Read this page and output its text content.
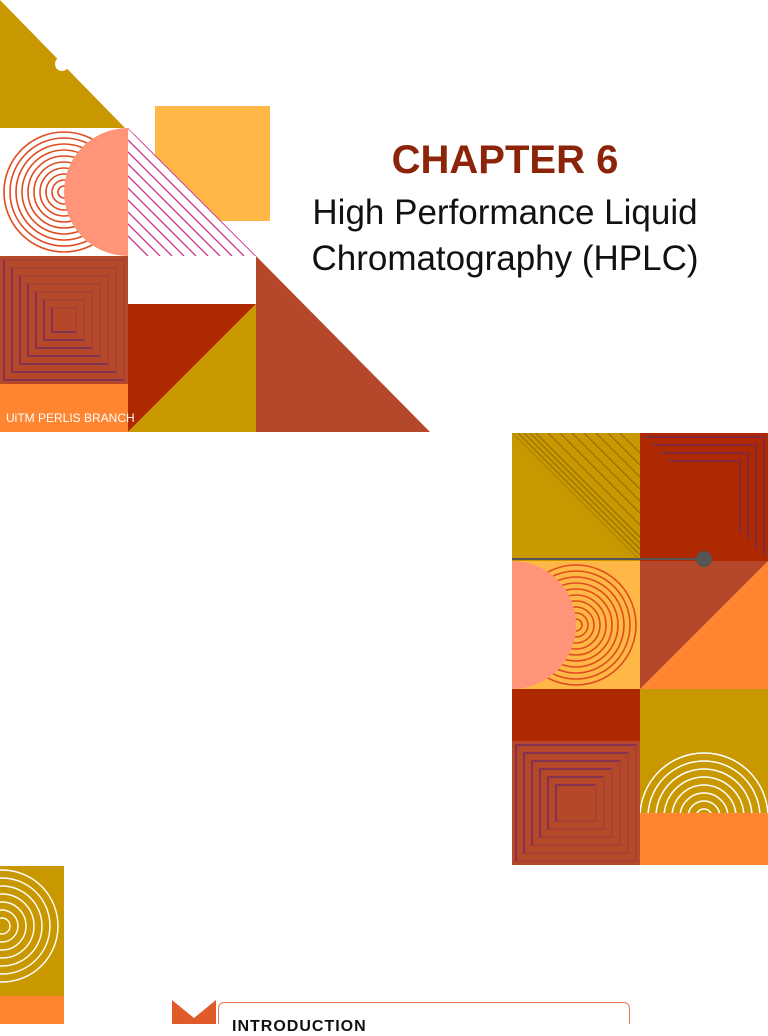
CHAPTER 6
High Performance Liquid
Chromatography (HPLC)
UiTM PERLIS BRANCH
INTRODUCTION
